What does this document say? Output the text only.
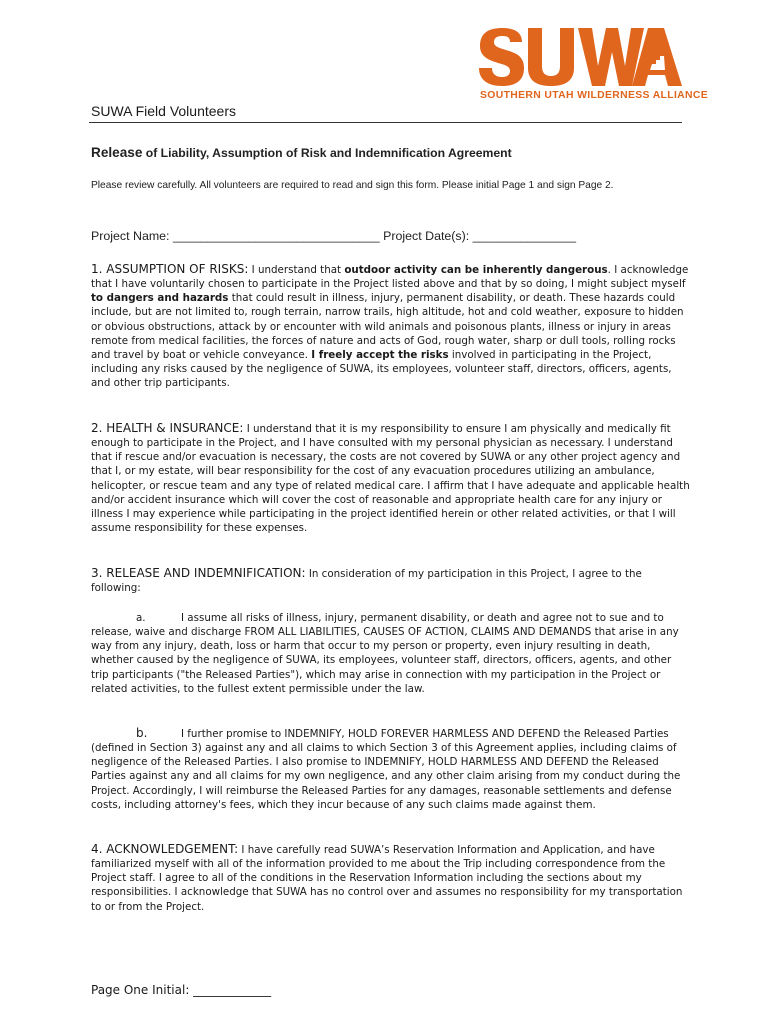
SOUTHERN UTAH WILDERNESS ALLIANCE
SUWA Field Volunteers
Release of Liability, Assumption of Risk and Indemnification Agreement
Please review carefully. All volunteers are required to read and sign this form. Please initial Page 1 and sign Page 2.
Project Name: ______________________________ Project Date(s): _______________

1. ASSUMPTION OF RISKS: I understand that outdoor activity can be inherently dangerous. I acknowledge that I have voluntarily chosen to participate in the Project listed above and that by so doing, I might subject myself to dangers and hazards that could result in illness, injury, permanent disability, or death. These hazards could include, but are not limited to, rough terrain, narrow trails, high altitude, hot and cold weather, exposure to hidden or obvious obstructions, attack by or encounter with wild animals and poisonous plants, illness or injury in areas remote from medical facilities, the forces of nature and acts of God, rough water, sharp or dull tools, rolling rocks and travel by boat or vehicle conveyance. I freely accept the risks involved in participating in the Project, including any risks caused by the negligence of SUWA, its employees, volunteer staff, directors, officers, agents, and other trip participants.

2. HEALTH & INSURANCE: I understand that it is my responsibility to ensure I am physically and medically fit enough to participate in the Project, and I have consulted with my personal physician as necessary. I understand that if rescue and/or evacuation is necessary, the costs are not covered by SUWA or any other project agency and that I, or my estate, will bear responsibility for the cost of any evacuation procedures utilizing an ambulance, helicopter, or rescue team and any type of related medical care. I affirm that I have adequate and applicable health and/or accident insurance which will cover the cost of reasonable and appropriate health care for any injury or illness I may experience while participating in the project identified herein or other related activities, or that I will assume responsibility for these expenses.

3. RELEASE AND INDEMNIFICATION: In consideration of my participation in this Project, I agree to the following:

a.	I assume all risks of illness, injury, permanent disability, or death and agree not to sue and to release, waive and discharge FROM ALL LIABILITIES, CAUSES OF ACTION, CLAIMS AND DEMANDS that arise in any way from any injury, death, loss or harm that occur to my person or property, even injury resulting in death, whether caused by the negligence of SUWA, its employees, volunteer staff, directors, officers, agents, and other trip participants ("the Released Parties"), which may arise in connection with my participation in the Project or related activities, to the fullest extent permissible under the law.

b.	I further promise to INDEMNIFY, HOLD FOREVER HARMLESS AND DEFEND the Released Parties (defined in Section 3) against any and all claims to which Section 3 of this Agreement applies, including claims of negligence of the Released Parties. I also promise to INDEMNIFY, HOLD HARMLESS AND DEFEND the Released Parties against any and all claims for my own negligence, and any other claim arising from my conduct during the Project. Accordingly, I will reimburse the Released Parties for any damages, reasonable settlements and defense costs, including attorney's fees, which they incur because of any such claims made against them.

4. ACKNOWLEDGEMENT: I have carefully read SUWA’s Reservation Information and Application, and have familiarized myself with all of the information provided to me about the Trip including correspondence from the Project staff. I agree to all of the conditions in the Reservation Information including the sections about my responsibilities. I acknowledge that SUWA has no control over and assumes no responsibility for my transportation to or from the Project.

Page One Initial: _____________
